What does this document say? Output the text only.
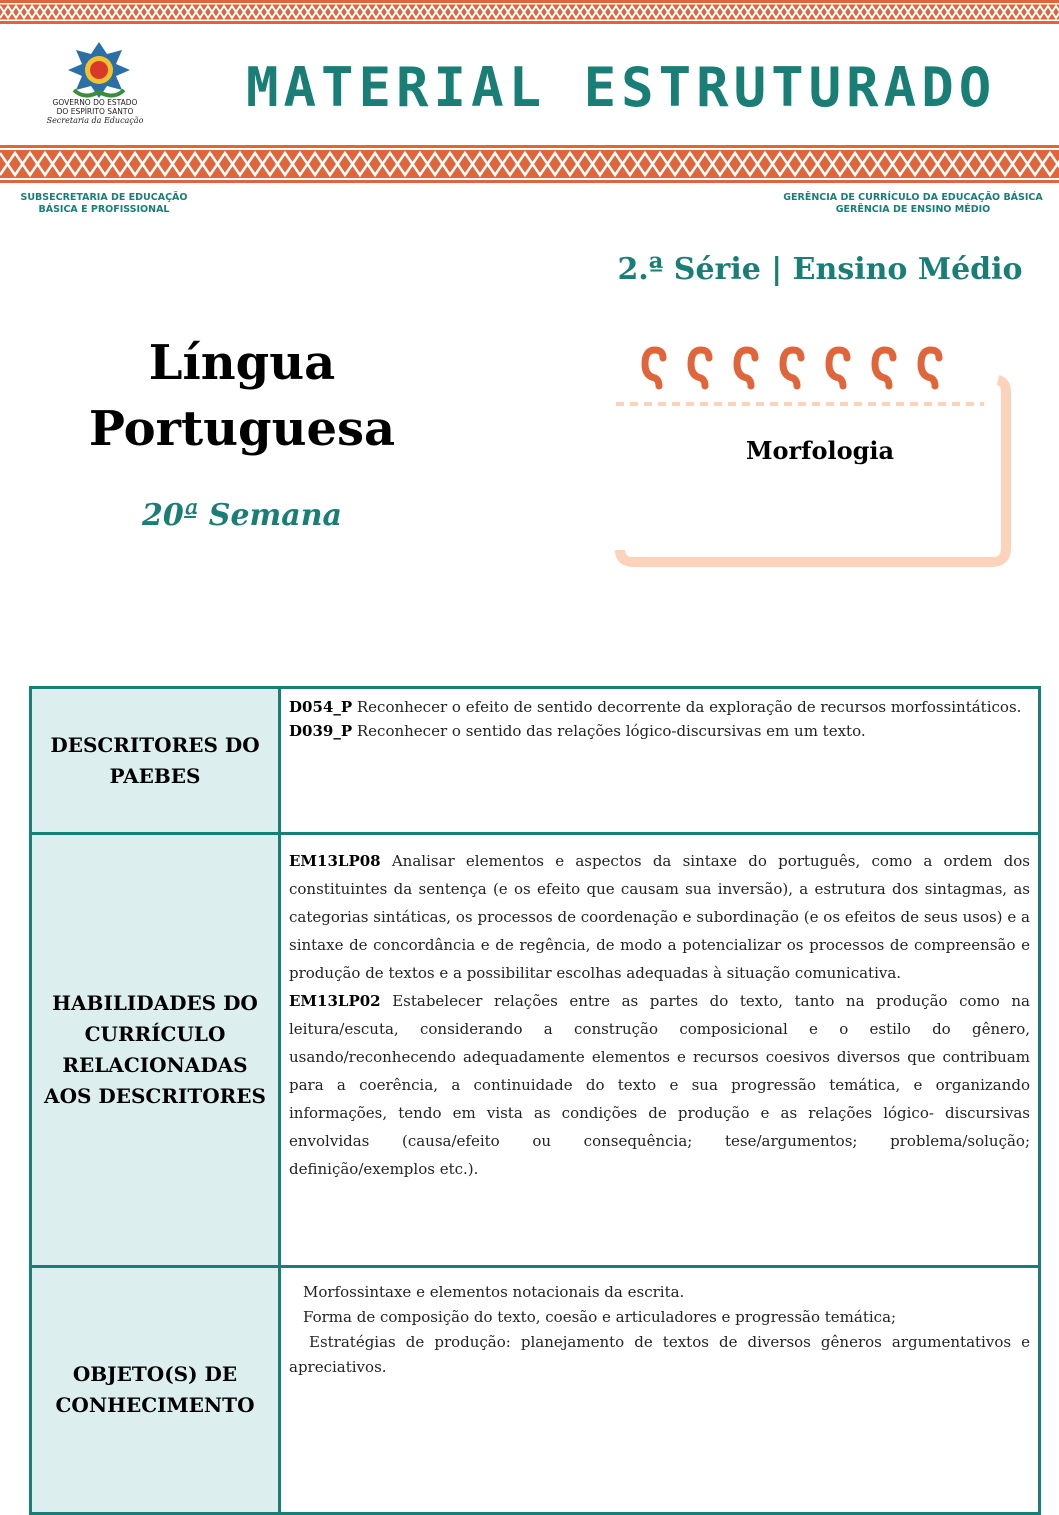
GOVERNO DO ESTADO
DO ESPÍRITO SANTO
Secretaria da Educação
MATERIAL ESTRUTURADO
SUBSECRETARIA DE EDUCAÇÃO
BÁSICA E PROFISSIONAL
GERÊNCIA DE CURRÍCULO DA EDUCAÇÃO BÁSICA
GERÊNCIA DE ENSINO MÉDIO
2.ª Série | Ensino Médio
Língua
Portuguesa
20ª Semana
Morfologia
DESCRITORES DO PAEBES	D054_P Reconhecer o efeito de sentido decorrente da exploração de recursos morfossintáticos.
D039_P Reconhecer o sentido das relações lógico-discursivas em um texto.

HABILIDADES DO CURRÍCULO RELACIONADAS AOS DESCRITORES	EM13LP08 Analisar elementos e aspectos da sintaxe do português, como a ordem dos constituintes da sentença (e os efeito que causam sua inversão), a estrutura dos sintagmas, as categorias sintáticas, os processos de coordenação e subordinação (e os efeitos de seus usos) e a sintaxe de concordância e de regência, de modo a potencializar os processos de compreensão e produção de textos e a possibilitar escolhas adequadas à situação comunicativa.
EM13LP02 Estabelecer relações entre as partes do texto, tanto na produção como na leitura/escuta, considerando a construção composicional e o estilo do gênero, usando/reconhecendo adequadamente elementos e recursos coesivos diversos que contribuam para a coerência, a continuidade do texto e sua progressão temática, e organizando informações, tendo em vista as condições de produção e as relações lógico- discursivas envolvidas (causa/efeito ou consequência; tese/argumentos; problema/solução; definição/exemplos etc.).

OBJETO(S) DE CONHECIMENTO	Morfossintaxe e elementos notacionais da escrita.
Forma de composição do texto, coesão e articuladores e progressão temática;
Estratégias de produção: planejamento de textos de diversos gêneros argumentativos e apreciativos.
